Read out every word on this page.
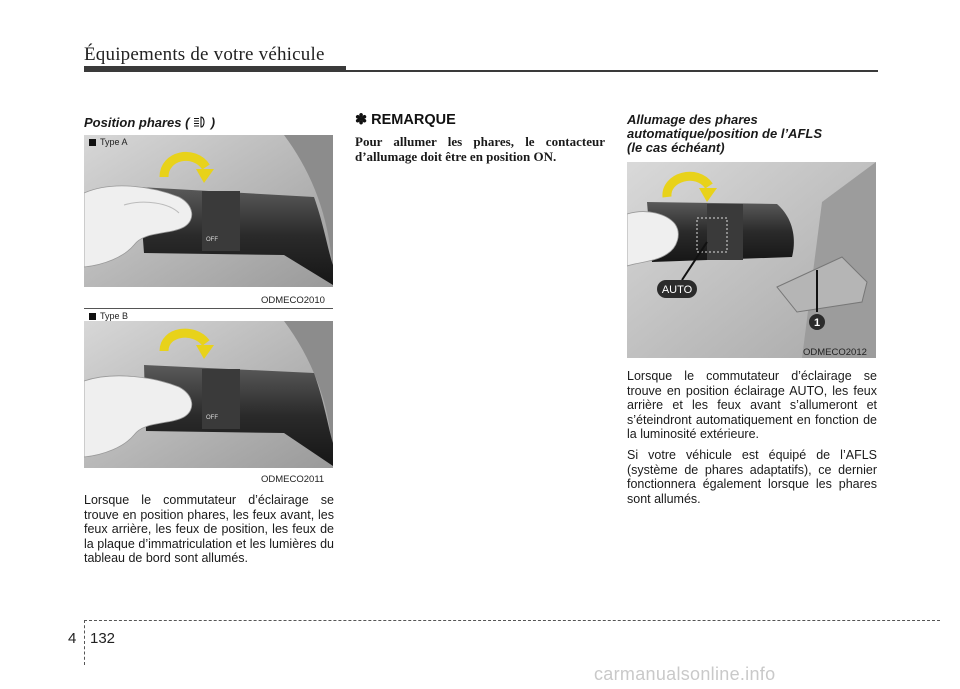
Équipements de votre véhicule
Position phares ( )
OFF
ODMECO2010
Type A
OFF
Type B
ODMECO2011
Lorsque le commutateur d’éclairage se trouve en position phares, les feux avant, les feux arrière, les feux de position, les feux de la plaque d’immatriculation et les lumières du tableau de bord sont allumés.
✽ REMARQUE
Pour allumer les phares, le contacteur d’allumage doit être en position ON.
Allumage des phares
automatique/position de l’AFLS
(le cas échéant)
AUTO
1
ODMECO2012

Lorsque le commutateur d’éclairage se trouve en position éclairage AUTO, les feux arrière et les feux avant s’allumeront et s’éteindront automatiquement en fonction de la luminosité extérieure.

Si votre véhicule est équipé de l’AFLS (système de phares adaptatifs), ce dernier fonctionnera également lorsque les phares sont allumés.

4 132
carmanualsonline.info
